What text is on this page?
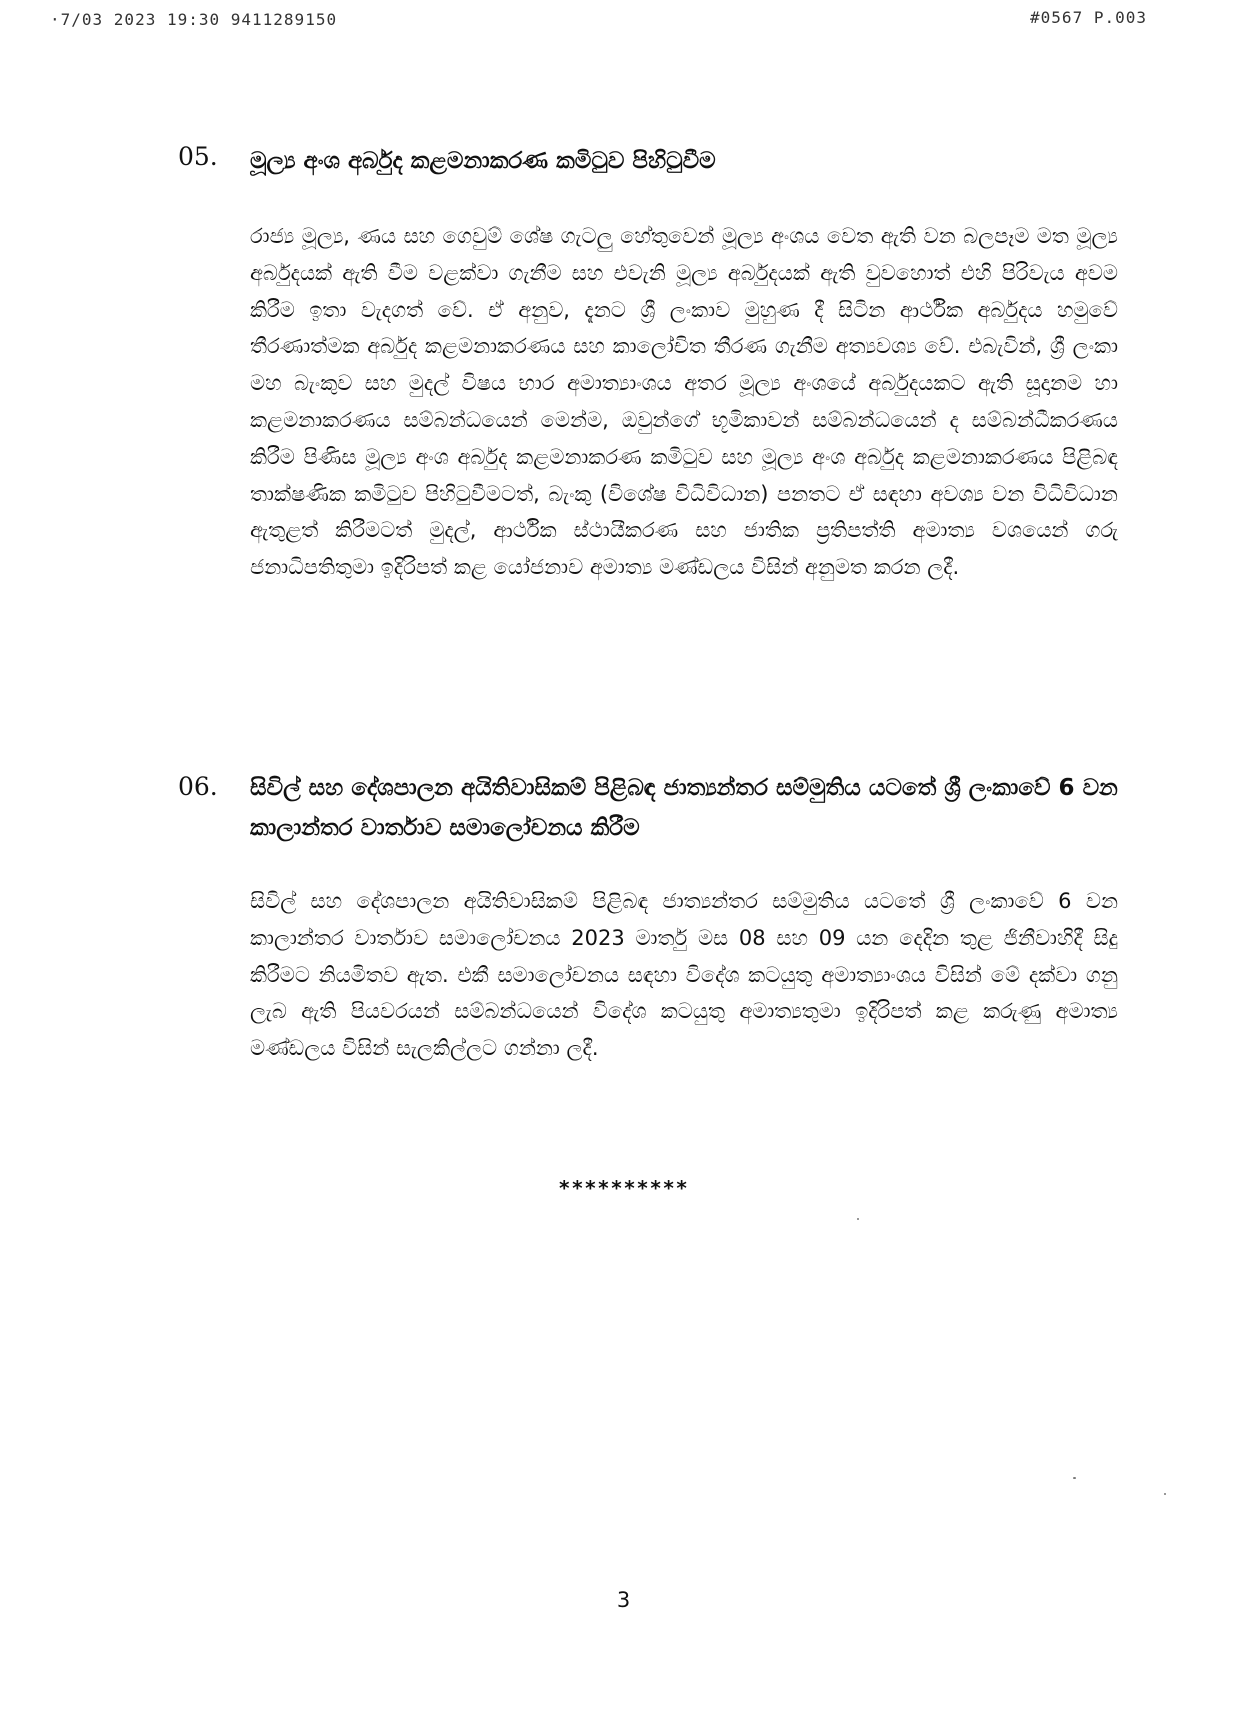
·7/03 2023 19:30 9411289150	#0567 P.003
05. මූල්‍ය අංශ අර්බුද කළමනාකරණ කමිටුව පිහිටුවීම
රාජ්‍ය මූල්‍ය, ණය සහ ගෙවුම් ශේෂ ගැටලු හේතුවෙන් මූල්‍ය අංශය වෙත ඇති වන බලපෑම මත මූල්‍ය අර්බුදයක් ඇති වීම වළක්වා ගැනීම සහ එවැනි මූල්‍ය අර්බුදයක් ඇති වුවහොත් එහි පිරිවැය අවම කිරීම ඉතා වැදගත් වේ. ඒ අනුව, දැනට ශ්‍රී ලංකාව මුහුණ දී සිටින ආර්ථික අර්බුදය හමුවේ තීරණාත්මක අර්බුද කළමනාකරණය සහ කාලෝචිත තීරණ ගැනීම අත්‍යවශ්‍ය වේ. එබැවින්, ශ්‍රී ලංකා මහ බැංකුව සහ මුදල් විෂය භාර අමාත්‍යාංශය අතර මූල්‍ය අංශයේ අර්බුදයකට ඇති සූදානම හා කළමනාකරණය සම්බන්ධයෙන් මෙන්ම, ඔවුන්ගේ භූමිකාවන් සම්බන්ධයෙන් ද සම්බන්ධීකරණය කිරීම පිණිස මූල්‍ය අංශ අර්බුද කළමනාකරණ කමිටුව සහ මූල්‍ය අංශ අර්බුද කළමනාකරණය පිළිබඳ තාක්ෂණික කමිටුව පිහිටුවීමටත්, බැංකු (විශේෂ විධිවිධාන) පනතට ඒ සඳහා අවශ්‍ය වන විධිවිධාන ඇතුළත් කිරීමටත් මුදල්, ආර්ථික ස්ථායීකරණ සහ ජාතික ප්‍රතිපත්ති අමාත්‍ය වශයෙන් ගරු ජනාධිපතිතුමා ඉදිරිපත් කළ යෝජනාව අමාත්‍ය මණ්ඩලය විසින් අනුමත කරන ලදී.
06. සිවිල් සහ දේශපාලන අයිතිවාසිකම් පිළිබඳ ජාත්‍යන්තර සම්මුතිය යටතේ ශ්‍රී ලංකාවේ 6 වන කාලාන්තර වාර්තාව සමාලෝචනය කිරීම
සිවිල් සහ දේශපාලන අයිතිවාසිකම් පිළිබඳ ජාත්‍යන්තර සම්මුතිය යටතේ ශ්‍රී ලංකාවේ 6 වන කාලාන්තර වාර්තාව සමාලෝචනය 2023 මාර්තු මස 08 සහ 09 යන දෙදින තුළ ජිනීවාහිදී සිදු කිරීමට නියමිතව ඇත. එකී සමාලෝචනය සඳහා විදේශ කටයුතු අමාත්‍යාංශය විසින් මේ දක්වා ගනු ලැබ ඇති පියවරයන් සම්බන්ධයෙන් විදේශ කටයුතු අමාත්‍යතුමා ඉදිරිපත් කළ කරුණු අමාත්‍ය මණ්ඩලය විසින් සැලකිල්ලට ගන්නා ලදී.
**********
3
